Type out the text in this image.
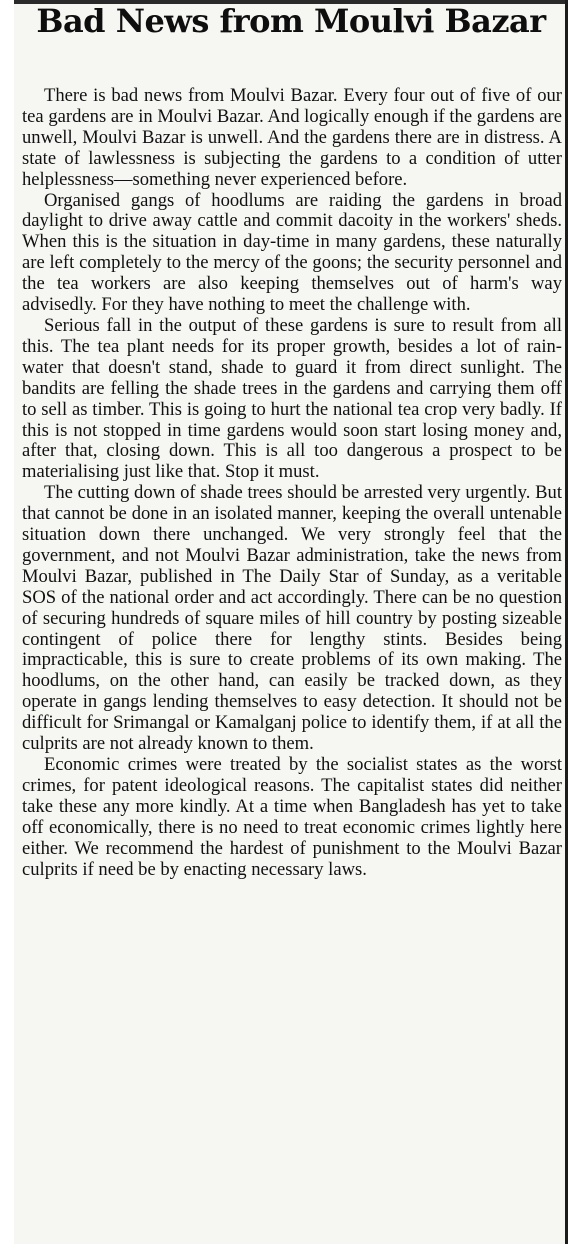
Bad News from Moulvi Bazar

There is bad news from Moulvi Bazar. Every four out of five of our tea gardens are in Moulvi Bazar. And logically enough if the gardens are unwell, Moulvi Bazar is unwell. And the gardens there are in distress. A state of lawlessness is subjecting the gardens to a condition of utter helplessness—something never experienced before.

Organised gangs of hoodlums are raiding the gardens in broad daylight to drive away cattle and commit dacoity in the workers' sheds. When this is the situation in day-time in many gardens, these naturally are left completely to the mercy of the goons; the security personnel and the tea workers are also keeping themselves out of harm's way advisedly. For they have nothing to meet the challenge with.

Serious fall in the output of these gardens is sure to result from all this. The tea plant needs for its proper growth, besides a lot of rain-water that doesn't stand, shade to guard it from direct sunlight. The bandits are felling the shade trees in the gardens and carrying them off to sell as timber. This is going to hurt the national tea crop very badly. If this is not stopped in time gardens would soon start losing money and, after that, closing down. This is all too dangerous a prospect to be materialising just like that. Stop it must.

The cutting down of shade trees should be arrested very urgently. But that cannot be done in an isolated manner, keeping the overall untenable situation down there unchanged. We very strongly feel that the government, and not Moulvi Bazar administration, take the news from Moulvi Bazar, published in The Daily Star of Sunday, as a veritable SOS of the national order and act accordingly. There can be no question of securing hundreds of square miles of hill country by posting sizeable contingent of police there for lengthy stints. Besides being impracticable, this is sure to create problems of its own making. The hoodlums, on the other hand, can easily be tracked down, as they operate in gangs lending themselves to easy detection. It should not be difficult for Srimangal or Kamalganj police to identify them, if at all the culprits are not already known to them.

Economic crimes were treated by the socialist states as the worst crimes, for patent ideological reasons. The capitalist states did neither take these any more kindly. At a time when Bangladesh has yet to take off economically, there is no need to treat economic crimes lightly here either. We recommend the hardest of punishment to the Moulvi Bazar culprits if need be by enacting necessary laws.
